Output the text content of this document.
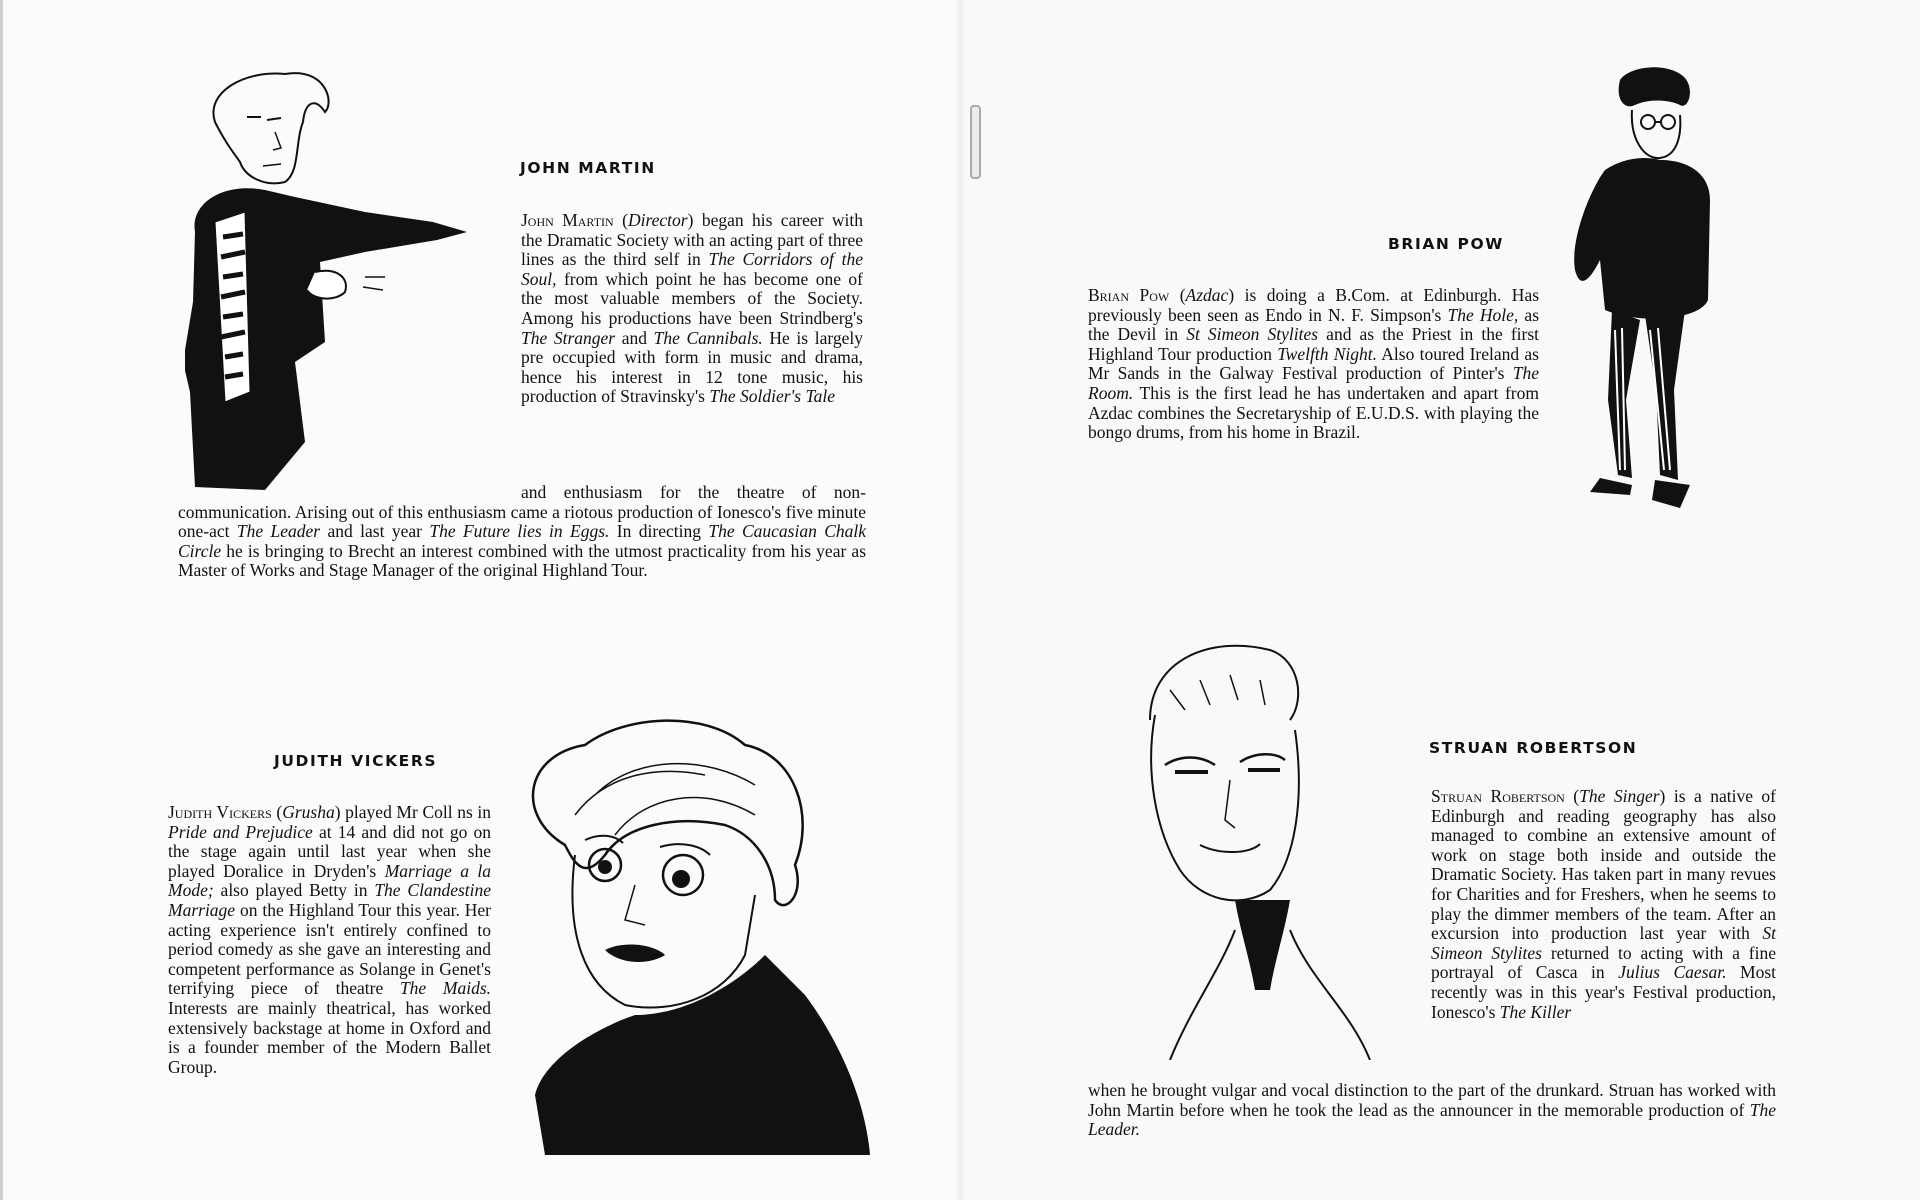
JOHN MARTIN

John Martin (Director) began his career with the Dramatic Society with an acting part of three lines as the third self in The Corridors of the Soul, from which point he has become one of the most valuable members of the Society. Among his productions have been Strindberg's The Stranger and The Cannibals. He is largely pre occupied with form in music and drama, hence his interest in 12 tone music, his production of Stravinsky's The Soldier's Tale

and enthusiasm for the theatre of non-communication. Arising out of this enthusiasm came a riotous production of Ionesco's five minute one-act The Leader and last year The Future lies in Eggs. In directing The Caucasian Chalk Circle he is bringing to Brecht an interest combined with the utmost practicality from his year as Master of Works and Stage Manager of the original Highland Tour.

JUDITH VICKERS

Judith Vickers (Grusha) played Mr Coll ns in Pride and Prejudice at 14 and did not go on the stage again until last year when she played Doralice in Dryden's Marriage a la Mode; also played Betty in The Clandestine Marriage on the Highland Tour this year. Her acting experience isn't entirely confined to period comedy as she gave an interesting and competent performance as Solange in Genet's terrifying piece of theatre The Maids. Interests are mainly theatrical, has worked extensively backstage at home in Oxford and is a founder member of the Modern Ballet Group.

BRIAN POW

Brian Pow (Azdac) is doing a B.Com. at Edinburgh. Has previously been seen as Endo in N. F. Simpson's The Hole, as the Devil in St Simeon Stylites and as the Priest in the first Highland Tour production Twelfth Night. Also toured Ireland as Mr Sands in the Galway Festival production of Pinter's The Room. This is the first lead he has undertaken and apart from Azdac combines the Secretaryship of E.U.D.S. with playing the bongo drums, from his home in Brazil.

STRUAN ROBERTSON

Struan Robertson (The Singer) is a native of Edinburgh and reading geography has also managed to combine an extensive amount of work on stage both inside and outside the Dramatic Society. Has taken part in many revues for Charities and for Freshers, when he seems to play the dimmer members of the team. After an excursion into production last year with St Simeon Stylites returned to acting with a fine portrayal of Casca in Julius Caesar. Most recently was in this year's Festival production, Ionesco's The Killer

when he brought vulgar and vocal distinction to the part of the drunkard. Struan has worked with John Martin before when he took the lead as the announcer in the memorable production of The Leader.
